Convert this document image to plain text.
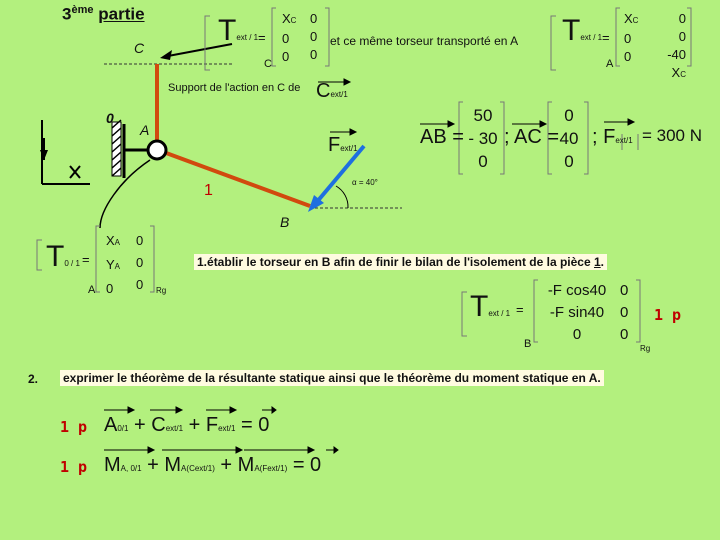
3ème partie
C
0
A
B
1
Support de l'action en C de Cext/1
Text / 1
C
XC
0
0
0
0
0
=	et ce même torseur transporté en A Text / 1
A
=
XC
0
0
0
0
-40 XC
Fext/1
α = 40°
AB =
50
- 30
0
; AC =
0
40
0
; Fext/1 = 300 N
T0 / 1 =
A
XA
YA
0
0
0
0 Rg
1.établir le torseur en B afin de finir le bilan de l'isolement de la pièce 1.
Text / 1 =
B
-F cos40
-F sin40
0
0
0
0
Rg
1 p
2. exprimer le théorème de la résultante statique ainsi que le théorème du moment statique en A.
1 p A0/1 + Cext/1 + Fext/1 = 0
1 p MA, 0/1 + MA(Cext/1) + MA(Fext/1) = 0
